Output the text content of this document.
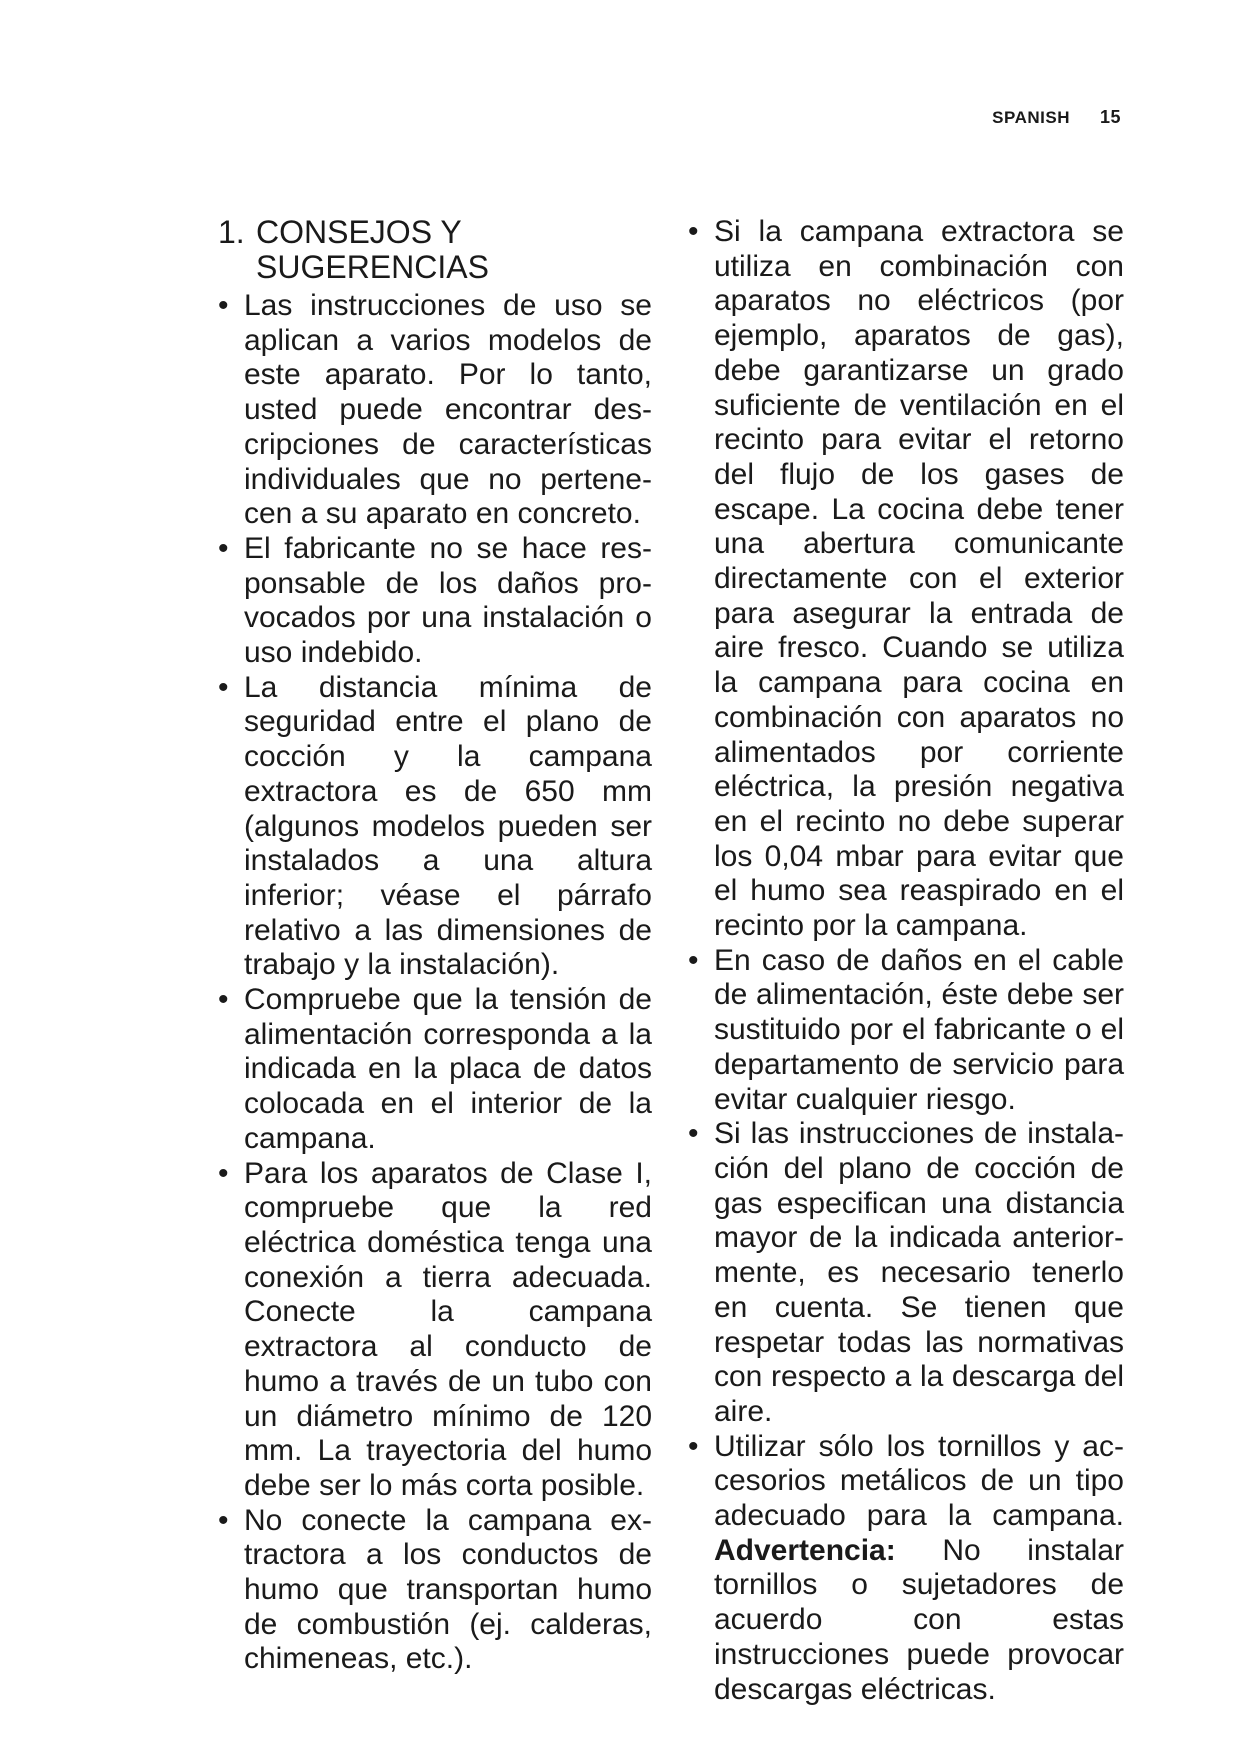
SPANISH 15
1. CONSEJOS Y SUGERENCIAS
• Las instrucciones de uso se aplican a varios modelos de este aparato. Por lo tanto, usted puede encontrar descripciones de características individuales que no pertenecen a su aparato en concreto.
• El fabricante no se hace responsable de los daños provocados por una instalación o uso indebido.
• La distancia mínima de seguridad entre el plano de cocción y la campana extractora es de 650 mm (algunos modelos pueden ser instalados a una altura inferior; véase el párrafo relativo a las dimensiones de trabajo y la instalación).
• Compruebe que la tensión de alimentación corresponda a la indicada en la placa de datos colocada en el interior de la campana.
• Para los aparatos de Clase I, compruebe que la red eléctrica doméstica tenga una conexión a tierra adecuada. Conecte la campana extractora al conducto de humo a través de un tubo con un diámetro mínimo de 120 mm. La trayectoria del humo debe ser lo más corta posible.
• No conecte la campana extractora a los conductos de humo que transportan humo de combustión (ej. calderas, chimeneas, etc.).
• Si la campana extractora se utiliza en combinación con aparatos no eléctricos (por ejemplo, aparatos de gas), debe garantizarse un grado suficiente de ventilación en el recinto para evitar el retorno del flujo de los gases de escape. La cocina debe tener una abertura comunicante directamente con el exterior para asegurar la entrada de aire fresco. Cuando se utiliza la campana para cocina en combinación con aparatos no alimentados por corriente eléctrica, la presión negativa en el recinto no debe superar los 0,04 mbar para evitar que el humo sea reaspirado en el recinto por la campana.
• En caso de daños en el cable de alimentación, éste debe ser sustituido por el fabricante o el departamento de servicio para evitar cualquier riesgo.
• Si las instrucciones de instalación del plano de cocción de gas especifican una distancia mayor de la indicada anteriormente, es necesario tenerlo en cuenta. Se tienen que respetar todas las normativas con respecto a la descarga del aire.
• Utilizar sólo los tornillos y accesorios metálicos de un tipo adecuado para la campana. Advertencia: No instalar tornillos o sujetadores de acuerdo con estas instrucciones puede provocar descargas eléctricas.
